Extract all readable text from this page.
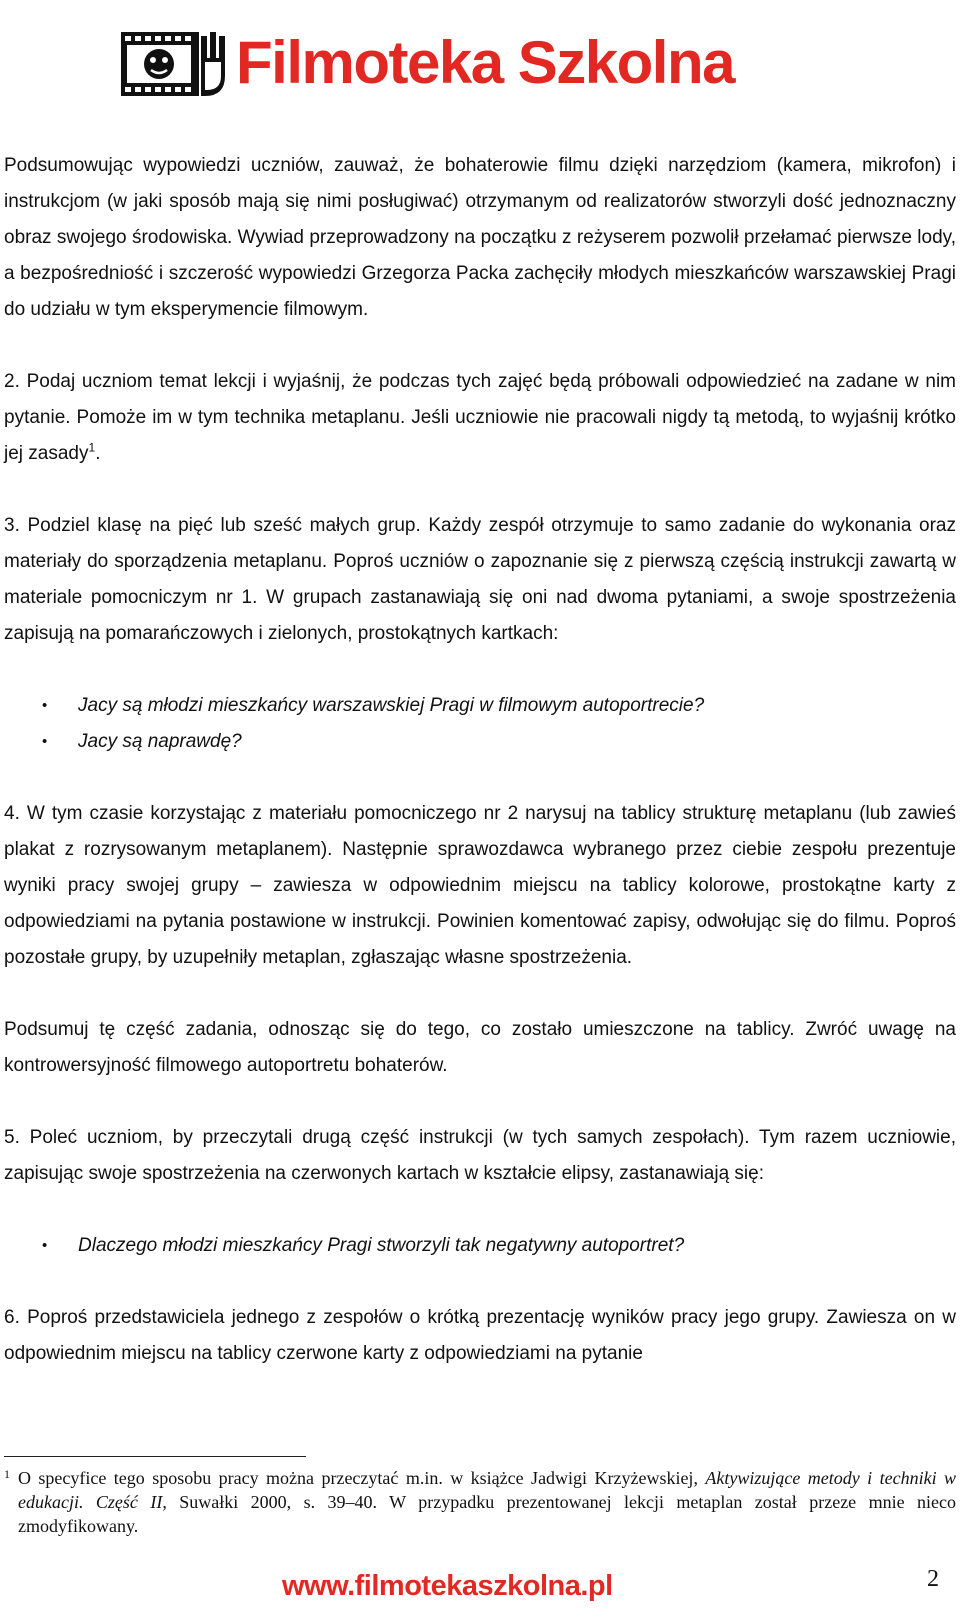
Filmoteka Szkolna

Podsumowując wypowiedzi uczniów, zauważ, że bohaterowie filmu dzięki narzędziom (kamera, mikrofon) i instrukcjom (w jaki sposób mają się nimi posługiwać) otrzymanym od realizatorów stworzyli dość jednoznaczny obraz swojego środowiska. Wywiad przeprowadzony na początku z reżyserem pozwolił przełamać pierwsze lody, a bezpośredniość i szczerość wypowiedzi Grzegorza Packa zachęciły młodych mieszkańców warszawskiej Pragi do udziału w tym eksperymencie filmowym.

2. Podaj uczniom temat lekcji i wyjaśnij, że podczas tych zajęć będą próbowali odpowiedzieć na zadane w nim pytanie. Pomoże im w tym technika metaplanu. Jeśli uczniowie nie pracowali nigdy tą metodą, to wyjaśnij krótko jej zasady$^1$.

3. Podziel klasę na pięć lub sześć małych grup. Każdy zespół otrzymuje to samo zadanie do wykonania oraz materiały do sporządzenia metaplanu. Poproś uczniów o zapoznanie się z pierwszą częścią instrukcji zawartą w materiale pomocniczym nr 1. W grupach zastanawiają się oni nad dwoma pytaniami, a swoje spostrzeżenia zapisują na pomarańczowych i zielonych, prostokątnych kartkach:

• Jacy są młodzi mieszkańcy warszawskiej Pragi w filmowym autoportrecie?
• Jacy są naprawdę?

4. W tym czasie korzystając z materiału pomocniczego nr 2 narysuj na tablicy strukturę metaplanu (lub zawieś plakat z rozrysowanym metaplanem). Następnie sprawozdawca wybranego przez ciebie zespołu prezentuje wyniki pracy swojej grupy – zawiesza w odpowiednim miejscu na tablicy kolorowe, prostokątne karty z odpowiedziami na pytania postawione w instrukcji. Powinien komentować zapisy, odwołując się do filmu. Poproś pozostałe grupy, by uzupełniły metaplan, zgłaszając własne spostrzeżenia.

Podsumuj tę część zadania, odnosząc się do tego, co zostało umieszczone na tablicy. Zwróć uwagę na kontrowersyjność filmowego autoportretu bohaterów.

5. Poleć uczniom, by przeczytali drugą część instrukcji (w tych samych zespołach). Tym razem uczniowie, zapisując swoje spostrzeżenia na czerwonych kartach w kształcie elipsy, zastanawiają się:

• Dlaczego młodzi mieszkańcy Pragi stworzyli tak negatywny autoportret?

6. Poproś przedstawiciela jednego z zespołów o krótką prezentację wyników pracy jego grupy. Zawiesza on w odpowiednim miejscu na tablicy czerwone karty z odpowiedziami na pytanie

1 O specyfice tego sposobu pracy można przeczytać m.in. w książce Jadwigi Krzyżewskiej, Aktywizujące metody i techniki w edukacji. Część II, Suwałki 2000, s. 39–40. W przypadku prezentowanej lekcji metaplan został przeze mnie nieco zmodyfikowany.
www.filmotekaszkolna.pl	2
